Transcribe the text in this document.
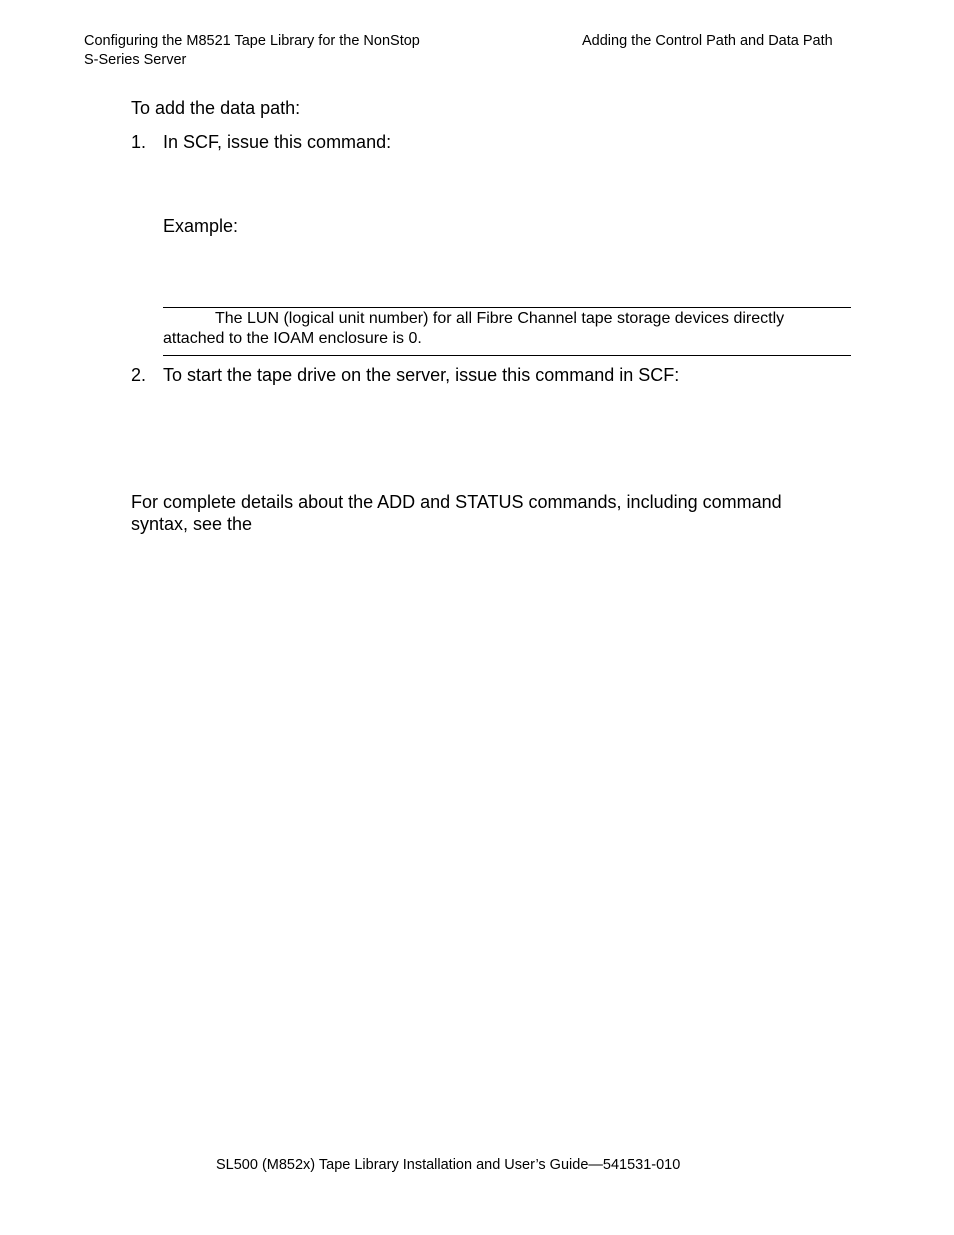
Configuring the M8521 Tape Library for the NonStop
S-Series Server
Adding the Control Path and Data Path
To add the data path:
1. In SCF, issue this command:
Example:
The LUN (logical unit number) for all Fibre Channel tape storage devices directly
attached to the IOAM enclosure is 0.
2. To start the tape drive on the server, issue this command in SCF:
For complete details about the ADD and STATUS commands, including command
syntax, see the
SL500 (M852x) Tape Library Installation and User’s Guide—541531-010
